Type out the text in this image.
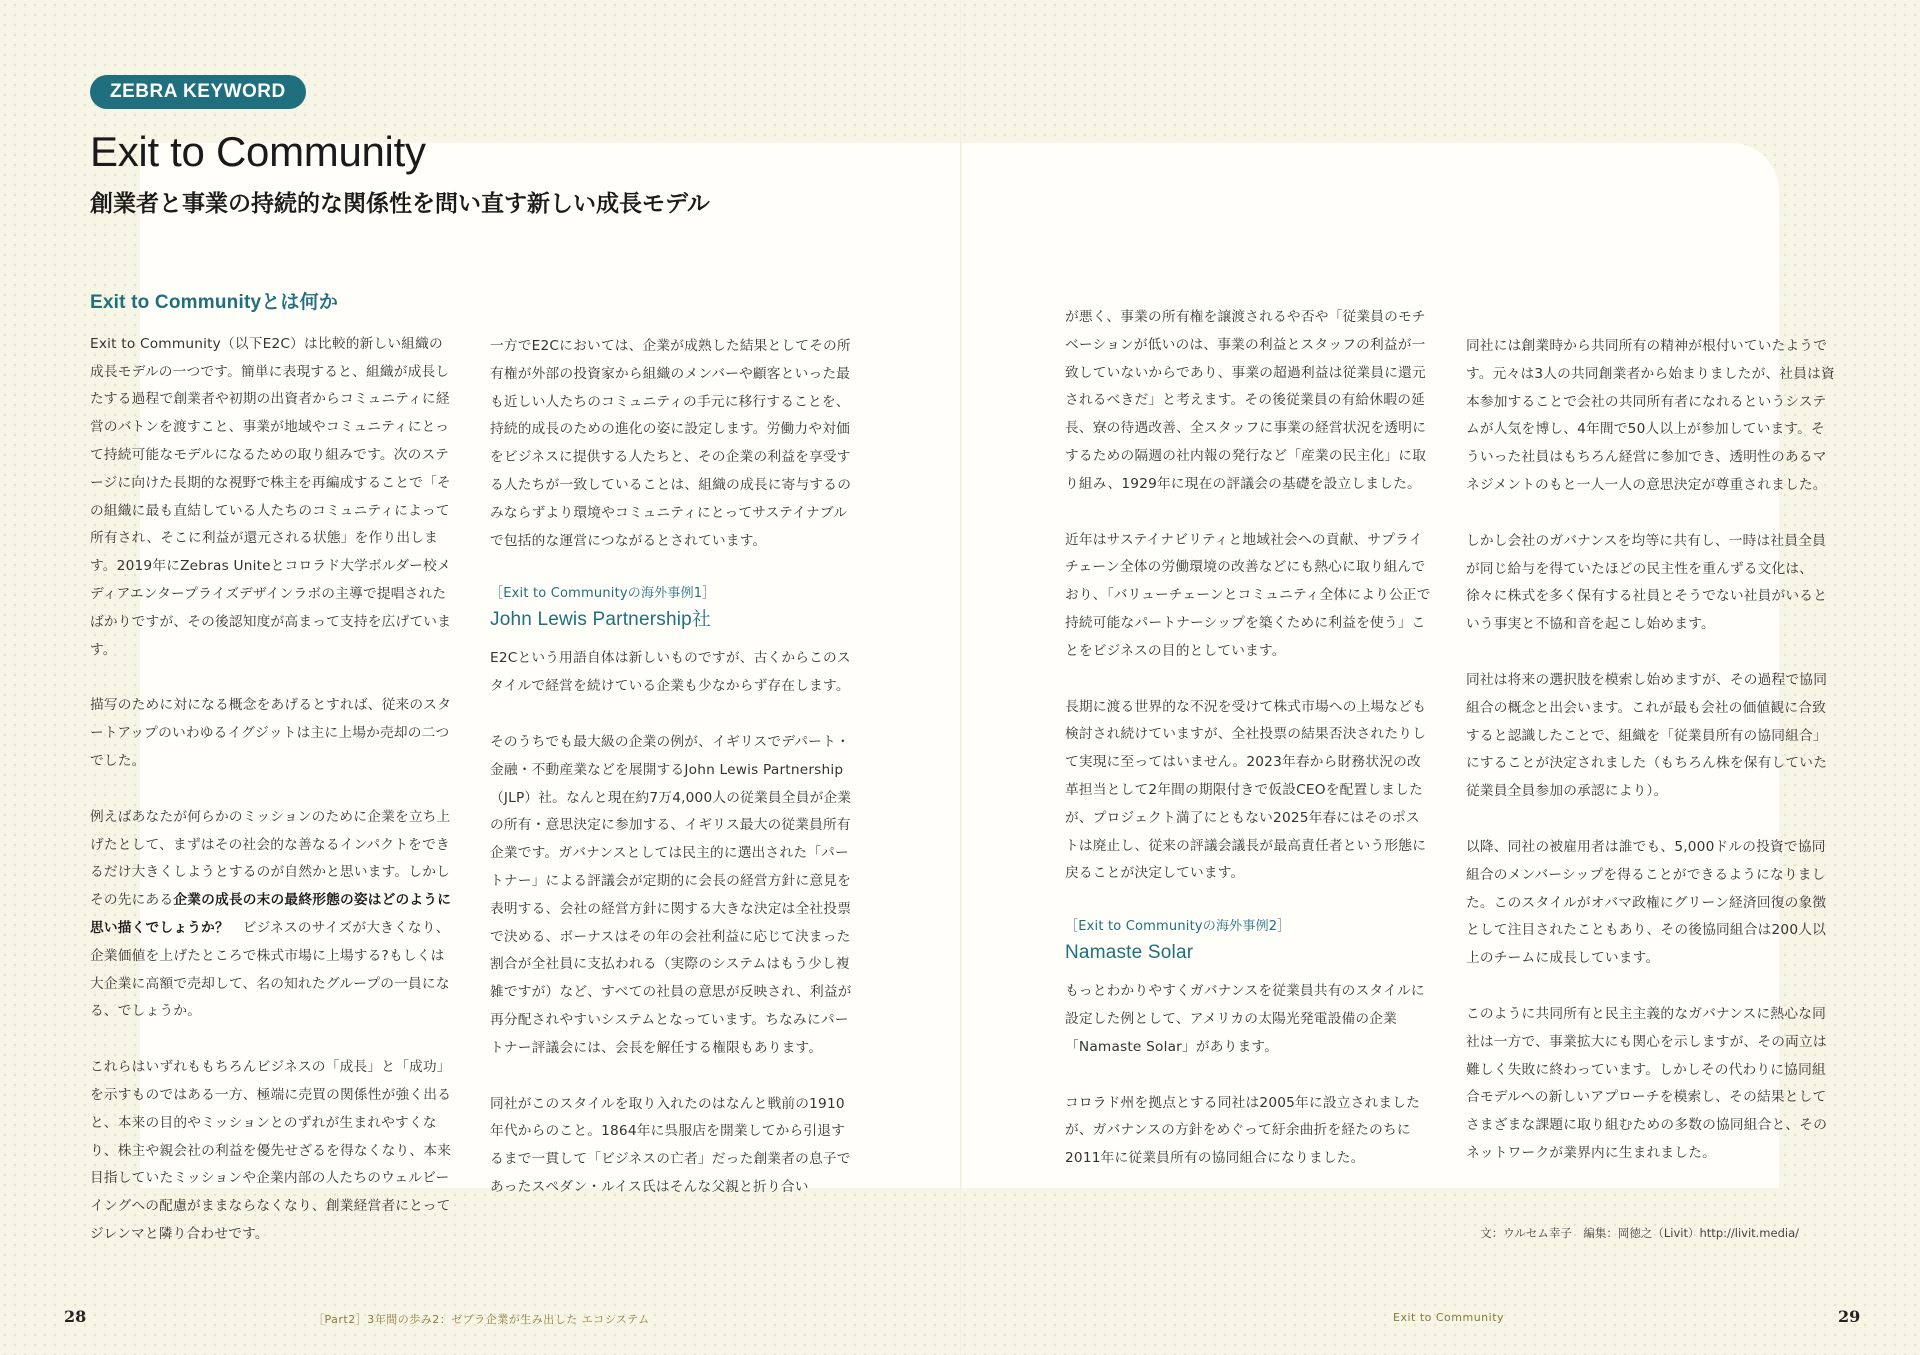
ZEBRA KEYWORD
Exit to Community
創業者と事業の持続的な関係性を問い直す新しい成長モデル
Exit to Communityとは何か

Exit to Community（以下E2C）は比較的新しい組織の成長モデルの一つです。簡単に表現すると、組織が成長したする過程で創業者や初期の出資者からコミュニティに経営のバトンを渡すこと、事業が地域やコミュニティにとって持続可能なモデルになるための取り組みです。次のステージに向けた長期的な視野で株主を再編成することで「その組織に最も直結している人たちのコミュニティによって所有され、そこに利益が還元される状態」を作り出します。2019年にZebras Uniteとコロラド大学ボルダー校メディアエンタープライズデザインラボの主導で提唱されたばかりですが、その後認知度が高まって支持を広げています。

描写のために対になる概念をあげるとすれば、従来のスタートアップのいわゆるイグジットは主に上場か売却の二つでした。

例えばあなたが何らかのミッションのために企業を立ち上げたとして、まずはその社会的な善なるインパクトをできるだけ大きくしようとするのが自然かと思います。しかしその先にある企業の成長の末の最終形態の姿はどのように思い描くでしょうか？　ビジネスのサイズが大きくなり、企業価値を上げたところで株式市場に上場する?もしくは大企業に高額で売却して、名の知れたグループの一員になる、でしょうか。

これらはいずれももちろんビジネスの「成長」と「成功」を示すものではある一方、極端に売買の関係性が強く出ると、本来の目的やミッションとのずれが生まれやすくなり、株主や親会社の利益を優先せざるを得なくなり、本来目指していたミッションや企業内部の人たちのウェルビーイングへの配慮がままならなくなり、創業経営者にとってジレンマと隣り合わせです。

一方でE2Cにおいては、企業が成熟した結果としてその所有権が外部の投資家から組織のメンバーや顧客といった最も近しい人たちのコミュニティの手元に移行することを、持続的成長のための進化の姿に設定します。労働力や対価をビジネスに提供する人たちと、その企業の利益を享受する人たちが一致していることは、組織の成長に寄与するのみならずより環境やコミュニティにとってサステイナブルで包括的な運営につながるとされています。

［Exit to Communityの海外事例1］
John Lewis Partnership社

E2Cという用語自体は新しいものですが、古くからこのスタイルで経営を続けている企業も少なからず存在します。

そのうちでも最大級の企業の例が、イギリスでデパート・金融・不動産業などを展開するJohn Lewis Partnership（JLP）社。なんと現在約7万4,000人の従業員全員が企業の所有・意思決定に参加する、イギリス最大の従業員所有企業です。ガバナンスとしては民主的に選出された「パートナー」による評議会が定期的に会長の経営方針に意見を表明する、会社の経営方針に関する大きな決定は全社投票で決める、ボーナスはその年の会社利益に応じて決まった割合が全社員に支払われる（実際のシステムはもう少し複雑ですが）など、すべての社員の意思が反映され、利益が再分配されやすいシステムとなっています。ちなみにパートナー評議会には、会長を解任する権限もあります。

同社がこのスタイルを取り入れたのはなんと戦前の1910年代からのこと。1864年に呉服店を開業してから引退するまで一貫して「ビジネスの亡者」だった創業者の息子であったスペダン・ルイス氏はそんな父親と折り合い

が悪く、事業の所有権を譲渡されるや否や「従業員のモチベーションが低いのは、事業の利益とスタッフの利益が一致していないからであり、事業の超過利益は従業員に還元されるべきだ」と考えます。その後従業員の有給休暇の延長、寮の待遇改善、全スタッフに事業の経営状況を透明にするための隔週の社内報の発行など「産業の民主化」に取り組み、1929年に現在の評議会の基礎を設立しました。

近年はサステイナビリティと地域社会への貢献、サプライチェーン全体の労働環境の改善などにも熱心に取り組んでおり、「バリューチェーンとコミュニティ全体により公正で持続可能なパートナーシップを築くために利益を使う」ことをビジネスの目的としています。

長期に渡る世界的な不況を受けて株式市場への上場なども検討され続けていますが、全社投票の結果否決されたりして実現に至ってはいません。2023年春から財務状況の改革担当として2年間の期限付きで仮設CEOを配置しましたが、プロジェクト満了にともない2025年春にはそのポストは廃止し、従来の評議会議長が最高責任者という形態に戻ることが決定しています。

［Exit to Communityの海外事例2］
Namaste Solar

もっとわかりやすくガバナンスを従業員共有のスタイルに設定した例として、アメリカの太陽光発電設備の企業「Namaste Solar」があります。

コロラド州を拠点とする同社は2005年に設立されましたが、ガバナンスの方針をめぐって紆余曲折を経たのちに2011年に従業員所有の協同組合になりました。

同社には創業時から共同所有の精神が根付いていたようです。元々は3人の共同創業者から始まりましたが、社員は資本参加することで会社の共同所有者になれるというシステムが人気を博し、4年間で50人以上が参加しています。そういった社員はもちろん経営に参加でき、透明性のあるマネジメントのもと一人一人の意思決定が尊重されました。

しかし会社のガバナンスを均等に共有し、一時は社員全員が同じ給与を得ていたほどの民主性を重んずる文化は、徐々に株式を多く保有する社員とそうでない社員がいるという事実と不協和音を起こし始めます。

同社は将来の選択肢を模索し始めますが、その過程で協同組合の概念と出会います。これが最も会社の価値観に合致すると認識したことで、組織を「従業員所有の協同組合」にすることが決定されました（もちろん株を保有していた従業員全員参加の承認により）。

以降、同社の被雇用者は誰でも、5,000ドルの投資で協同組合のメンバーシップを得ることができるようになりました。このスタイルがオバマ政権にグリーン経済回復の象徴として注目されたこともあり、その後協同組合は200人以上のチームに成長しています。

このように共同所有と民主主義的なガバナンスに熱心な同社は一方で、事業拡大にも関心を示しますが、その両立は難しく失敗に終わっています。しかしその代わりに協同組合モデルへの新しいアプローチを模索し、その結果としてさまざまな課題に取り組むための多数の協同組合と、そのネットワークが業界内に生まれました。

文：ウルセム幸子　編集：岡徳之（Livit）http://livit.media/
28	［Part2］3年間の歩み2：ゼブラ企業が生み出した エコシステム	Exit to Community	29
